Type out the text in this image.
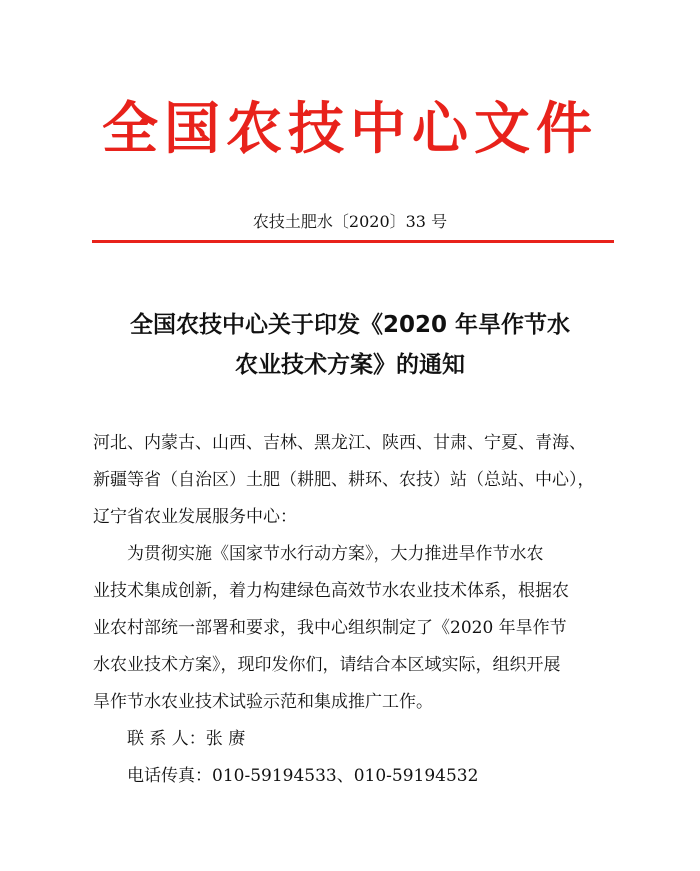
全国农技中心文件
农技土肥水〔2020〕33 号
全国农技中心关于印发《2020 年旱作节水
农业技术方案》的通知

河北、内蒙古、山西、吉林、黑龙江、陕西、甘肃、宁夏、青海、

新疆等省（自治区）土肥（耕肥、耕环、农技）站（总站、中心），

辽宁省农业发展服务中心：

为贯彻实施《国家节水行动方案》，大力推进旱作节水农

业技术集成创新，着力构建绿色高效节水农业技术体系，根据农

业农村部统一部署和要求，我中心组织制定了《2020 年旱作节

水农业技术方案》，现印发你们，请结合本区域实际，组织开展

旱作节水农业技术试验示范和集成推广工作。

联 系 人：张 赓

电话传真：010-59194533、010-59194532
